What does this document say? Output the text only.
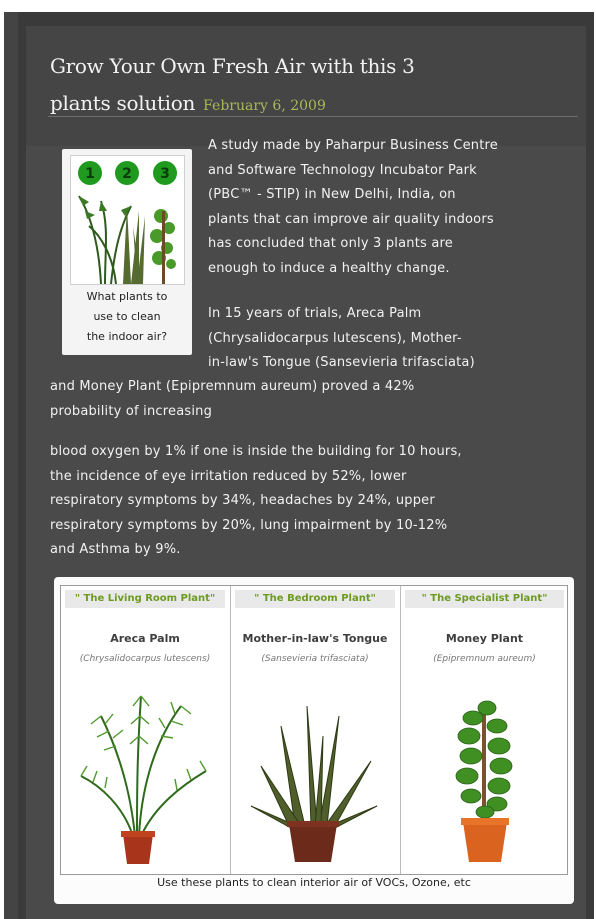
Grow Your Own Fresh Air with this 3
plants solution February 6, 2009
1 2 3
What plants to
use to clean
the indoor air?

A study made by Paharpur Business Centre

and Software Technology Incubator Park

(PBC™ - STIP) in New Delhi, India, on

plants that can improve air quality indoors

has concluded that only 3 plants are

enough to induce a healthy change.

In 15 years of trials, Areca Palm

(Chrysalidocarpus lutescens), Mother-

in-law's Tongue (Sansevieria trifasciata)

and Money Plant (Epipremnum aureum) proved a 42%

probability of increasing

blood oxygen by 1% if one is inside the building for 10 hours,

the incidence of eye irritation reduced by 52%, lower

respiratory symptoms by 34%, headaches by 24%, upper

respiratory symptoms by 20%, lung impairment by 10-12%

and Asthma by 9%.

" The Living Room Plant"
Areca Palm
(Chrysalidocarpus lutescens)
" The Bedroom Plant"
Mother-in-law's Tongue
(Sansevieria trifasciata)
" The Specialist Plant"
Money Plant
(Epipremnum aureum)
Use these plants to clean interior air of VOCs, Ozone, etc
